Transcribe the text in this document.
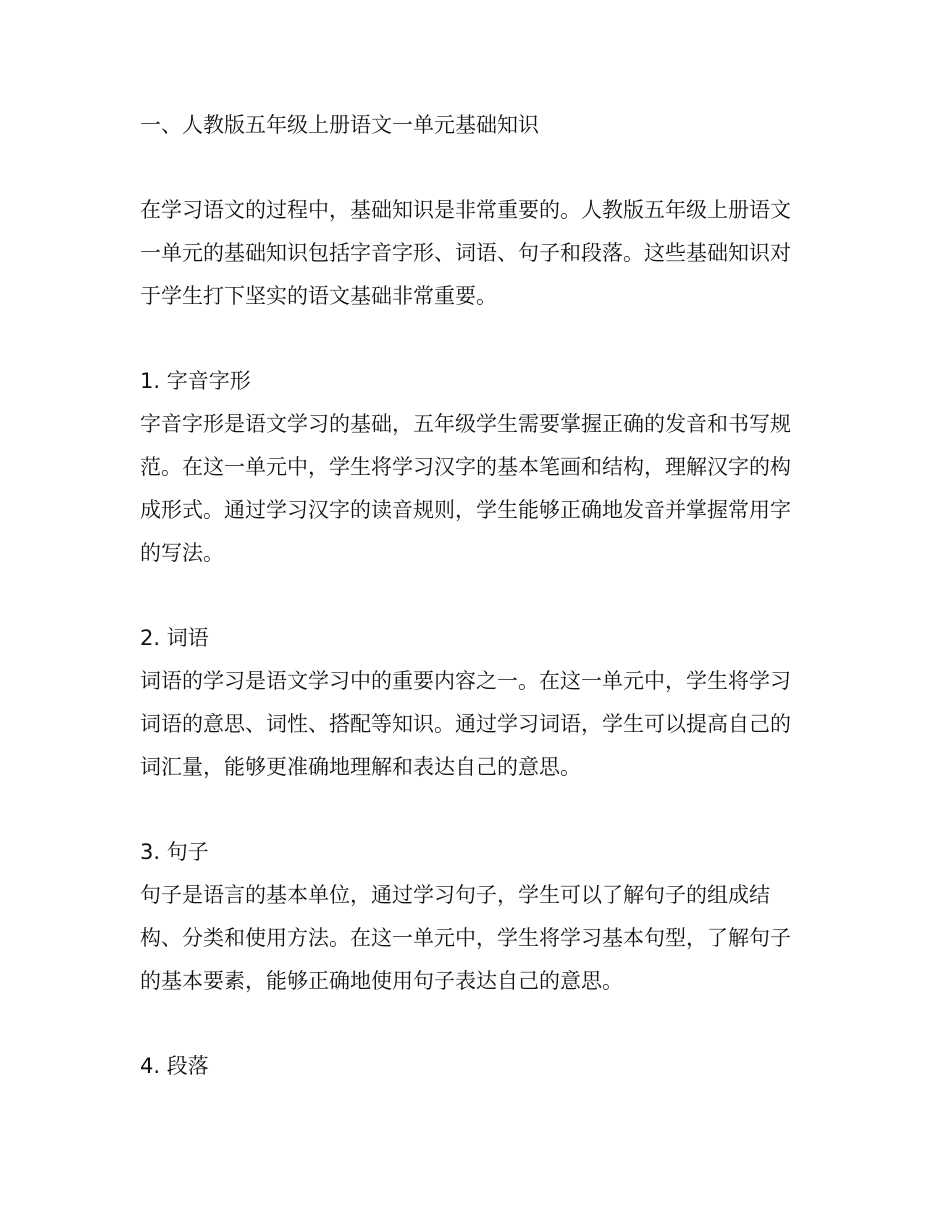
一、人教版五年级上册语文一单元基础知识

在学习语文的过程中，基础知识是非常重要的。人教版五年级上册语文一单元的基础知识包括字音字形、词语、句子和段落。这些基础知识对于学生打下坚实的语文基础非常重要。

1. 字音字形

字音字形是语文学习的基础，五年级学生需要掌握正确的发音和书写规范。在这一单元中，学生将学习汉字的基本笔画和结构，理解汉字的构成形式。通过学习汉字的读音规则，学生能够正确地发音并掌握常用字的写法。

2. 词语

词语的学习是语文学习中的重要内容之一。在这一单元中，学生将学习词语的意思、词性、搭配等知识。通过学习词语，学生可以提高自己的词汇量，能够更准确地理解和表达自己的意思。

3. 句子

句子是语言的基本单位，通过学习句子，学生可以了解句子的组成结构、分类和使用方法。在这一单元中，学生将学习基本句型，了解句子的基本要素，能够正确地使用句子表达自己的意思。

4. 段落
